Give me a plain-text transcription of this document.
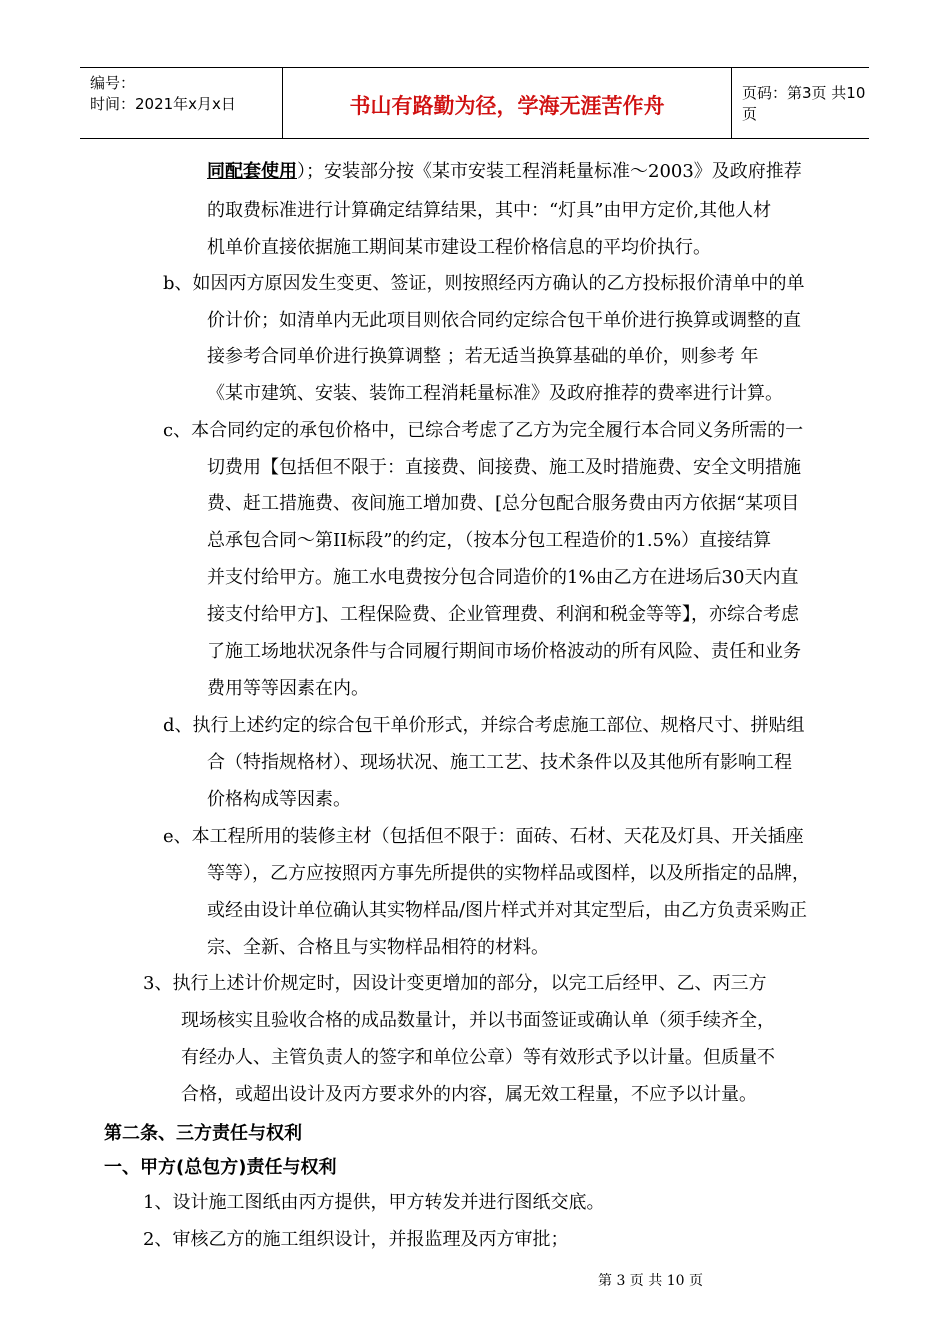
编号：
时间：2021年x月x日	书山有路勤为径，学海无涯苦作舟
页码：第3页 共10页
同配套使用）；安装部分按《某市安装工程消耗量标准～2003》及政府推荐
的取费标准进行计算确定结算结果，其中：“灯具”由甲方定价,其他人材
机单价直接依据施工期间某市建设工程价格信息的平均价执行。
b、如因丙方原因发生变更、签证，则按照经丙方确认的乙方投标报价清单中的单
价计价；如清单内无此项目则依合同约定综合包干单价进行换算或调整的直
接参考合同单价进行换算调整 ；若无适当换算基础的单价，则参考 年
《某市建筑、安装、装饰工程消耗量标准》及政府推荐的费率进行计算。
c、本合同约定的承包价格中，已综合考虑了乙方为完全履行本合同义务所需的一
切费用【包括但不限于：直接费、间接费、施工及时措施费、安全文明措施
费、赶工措施费、夜间施工增加费、[总分包配合服务费由丙方依据“某项目
总承包合同～第II标段”的约定，（按本分包工程造价的1.5%）直接结算
并支付给甲方。施工水电费按分包合同造价的1%由乙方在进场后30天内直
接支付给甲方]、工程保险费、企业管理费、利润和税金等等】，亦综合考虑
了施工场地状况条件与合同履行期间市场价格波动的所有风险、责任和业务
费用等等因素在内。
d、执行上述约定的综合包干单价形式，并综合考虑施工部位、规格尺寸、拼贴组
合（特指规格材）、现场状况、施工工艺、技术条件以及其他所有影响工程
价格构成等因素。
e、本工程所用的装修主材（包括但不限于：面砖、石材、天花及灯具、开关插座
等等），乙方应按照丙方事先所提供的实物样品或图样，以及所指定的品牌，
或经由设计单位确认其实物样品/图片样式并对其定型后，由乙方负责采购正
宗、全新、合格且与实物样品相符的材料。
3、执行上述计价规定时，因设计变更增加的部分，以完工后经甲、乙、丙三方
现场核实且验收合格的成品数量计，并以书面签证或确认单（须手续齐全，
有经办人、主管负责人的签字和单位公章）等有效形式予以计量。但质量不
合格，或超出设计及丙方要求外的内容，属无效工程量，不应予以计量。
第二条、三方责任与权利
一、甲方(总包方)责任与权利
1、设计施工图纸由丙方提供，甲方转发并进行图纸交底。
2、审核乙方的施工组织设计，并报监理及丙方审批；
第 3 页 共 10 页
